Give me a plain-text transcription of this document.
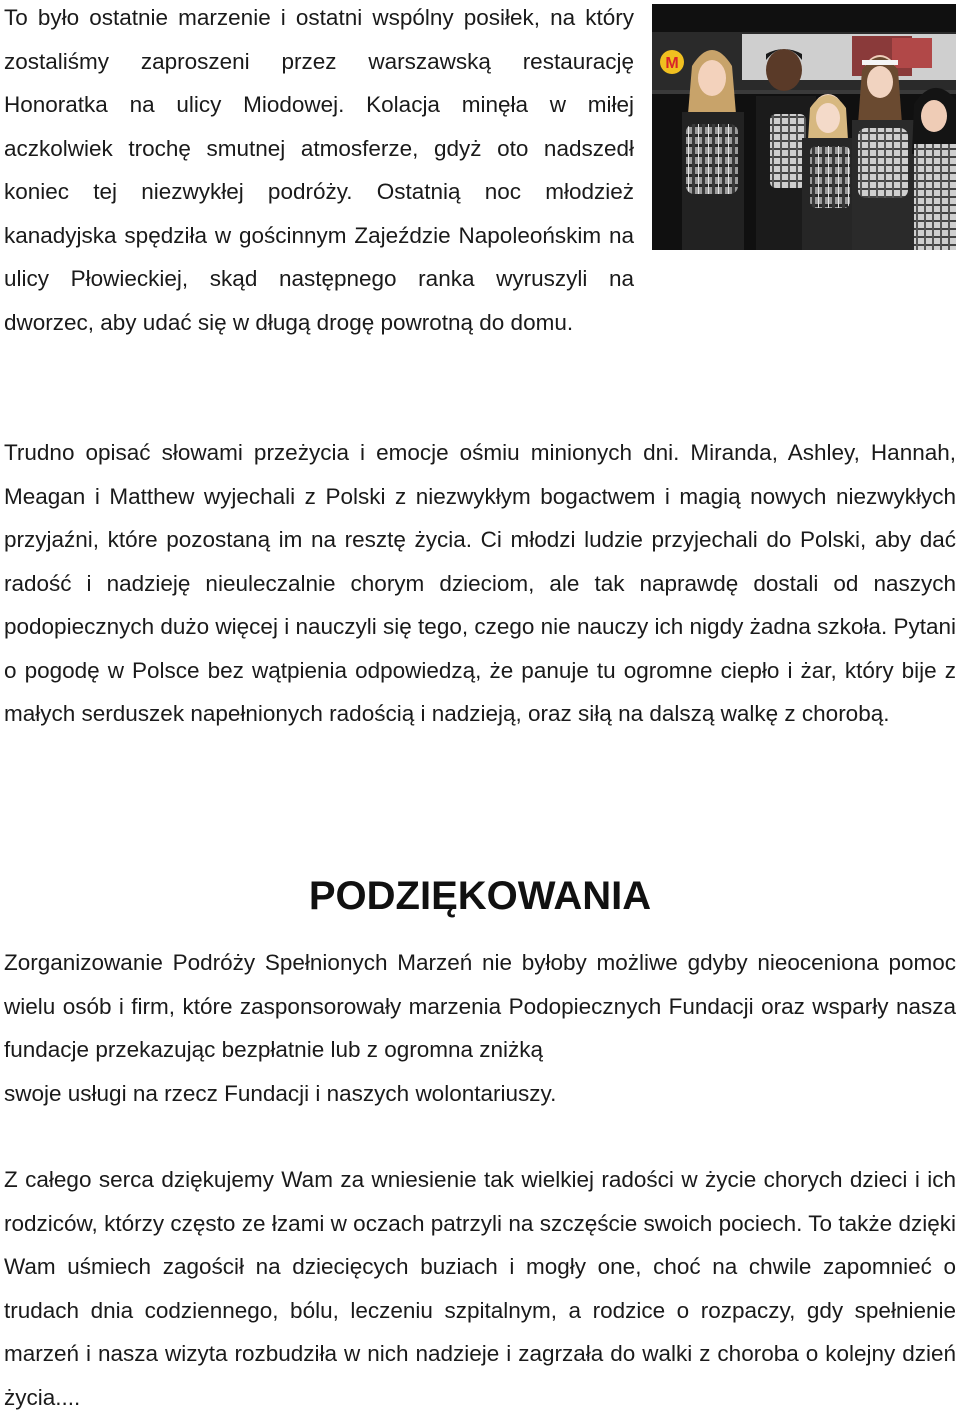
M
To było ostatnie marzenie i ostatni wspólny posiłek, na który zostaliśmy zaproszeni przez warszawską restaurację Honoratka na ulicy Miodowej. Kolacja minęła w miłej aczkolwiek trochę smutnej atmosferze, gdyż oto nadszedł koniec tej niezwykłej podróży. Ostatnią noc młodzież kanadyjska spędziła w gościnnym Zajeździe Napoleońskim na ulicy Płowieckiej, skąd następnego ranka wyruszyli na dworzec, aby udać się w długą drogę powrotną do domu.
Trudno opisać słowami przeżycia i emocje ośmiu minionych dni. Miranda, Ashley, Hannah, Meagan i Matthew wyjechali z Polski z niezwykłym bogactwem i magią nowych niezwykłych przyjaźni, które pozostaną im na resztę życia. Ci młodzi ludzie przyjechali do Polski, aby dać radość i nadzieję nieuleczalnie chorym dzieciom, ale tak naprawdę dostali od naszych podopiecznych dużo więcej i nauczyli się tego, czego nie nauczy ich nigdy żadna szkoła. Pytani o pogodę w Polsce bez wątpienia odpowiedzą, że panuje tu ogromne ciepło i żar, który bije z małych serduszek napełnionych radością i nadzieją, oraz siłą na dalszą walkę z chorobą.
PODZIĘKOWANIA
Zorganizowanie Podróży Spełnionych Marzeń nie byłoby możliwe gdyby nieoceniona pomoc wielu osób i firm, które zasponsorowały marzenia Podopiecznych Fundacji oraz wsparły nasza fundacje przekazując bezpłatnie lub z ogromna zniżką
swoje usługi na rzecz Fundacji i naszych wolontariuszy.
Z całego serca dziękujemy Wam za wniesienie tak wielkiej radości w życie chorych dzieci i ich rodziców, którzy często ze łzami w oczach patrzyli na szczęście swoich pociech. To także dzięki Wam uśmiech zagościł na dziecięcych buziach i mogły one, choć na chwile zapomnieć o trudach dnia codziennego, bólu, leczeniu szpitalnym, a rodzice o rozpaczy, gdy spełnienie marzeń i nasza wizyta rozbudziła w nich nadzieje i zagrzała do walki z choroba o kolejny dzień życia....
